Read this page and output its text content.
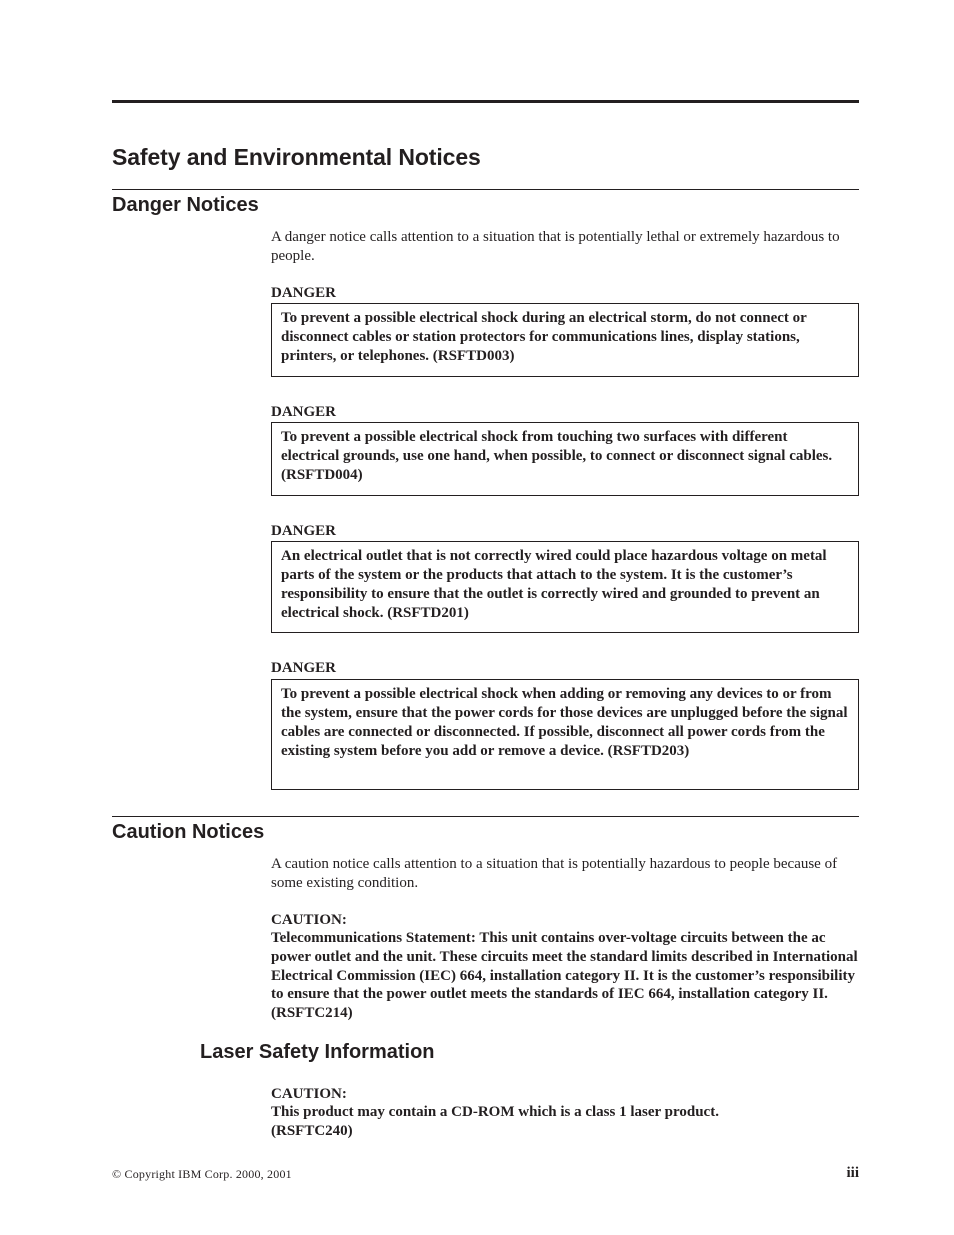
Safety and Environmental Notices
Danger Notices

A danger notice calls attention to a situation that is potentially lethal or extremely hazardous to people.

DANGER

To prevent a possible electrical shock during an electrical storm, do not connect or disconnect cables or station protectors for communications lines, display stations, printers, or telephones. (RSFTD003)

DANGER

To prevent a possible electrical shock from touching two surfaces with different electrical grounds, use one hand, when possible, to connect or disconnect signal cables. (RSFTD004)

DANGER

An electrical outlet that is not correctly wired could place hazardous voltage on metal parts of the system or the products that attach to the system. It is the customer’s responsibility to ensure that the outlet is correctly wired and grounded to prevent an electrical shock. (RSFTD201)

DANGER

To prevent a possible electrical shock when adding or removing any devices to or from the system, ensure that the power cords for those devices are unplugged before the signal cables are connected or disconnected. If possible, disconnect all power cords from the existing system before you add or remove a device. (RSFTD203)

Caution Notices

A caution notice calls attention to a situation that is potentially hazardous to people because of some existing condition.

CAUTION:

Telecommunications Statement: This unit contains over-voltage circuits between the ac power outlet and the unit. These circuits meet the standard limits described in International Electrical Commission (IEC) 664, installation category II. It is the customer’s responsibility to ensure that the power outlet meets the standards of IEC 664, installation category II. (RSFTC214)

Laser Safety Information

CAUTION:

This product may contain a CD-ROM which is a class 1 laser product. (RSFTC240)

© Copyright IBM Corp. 2000, 2001	iii
